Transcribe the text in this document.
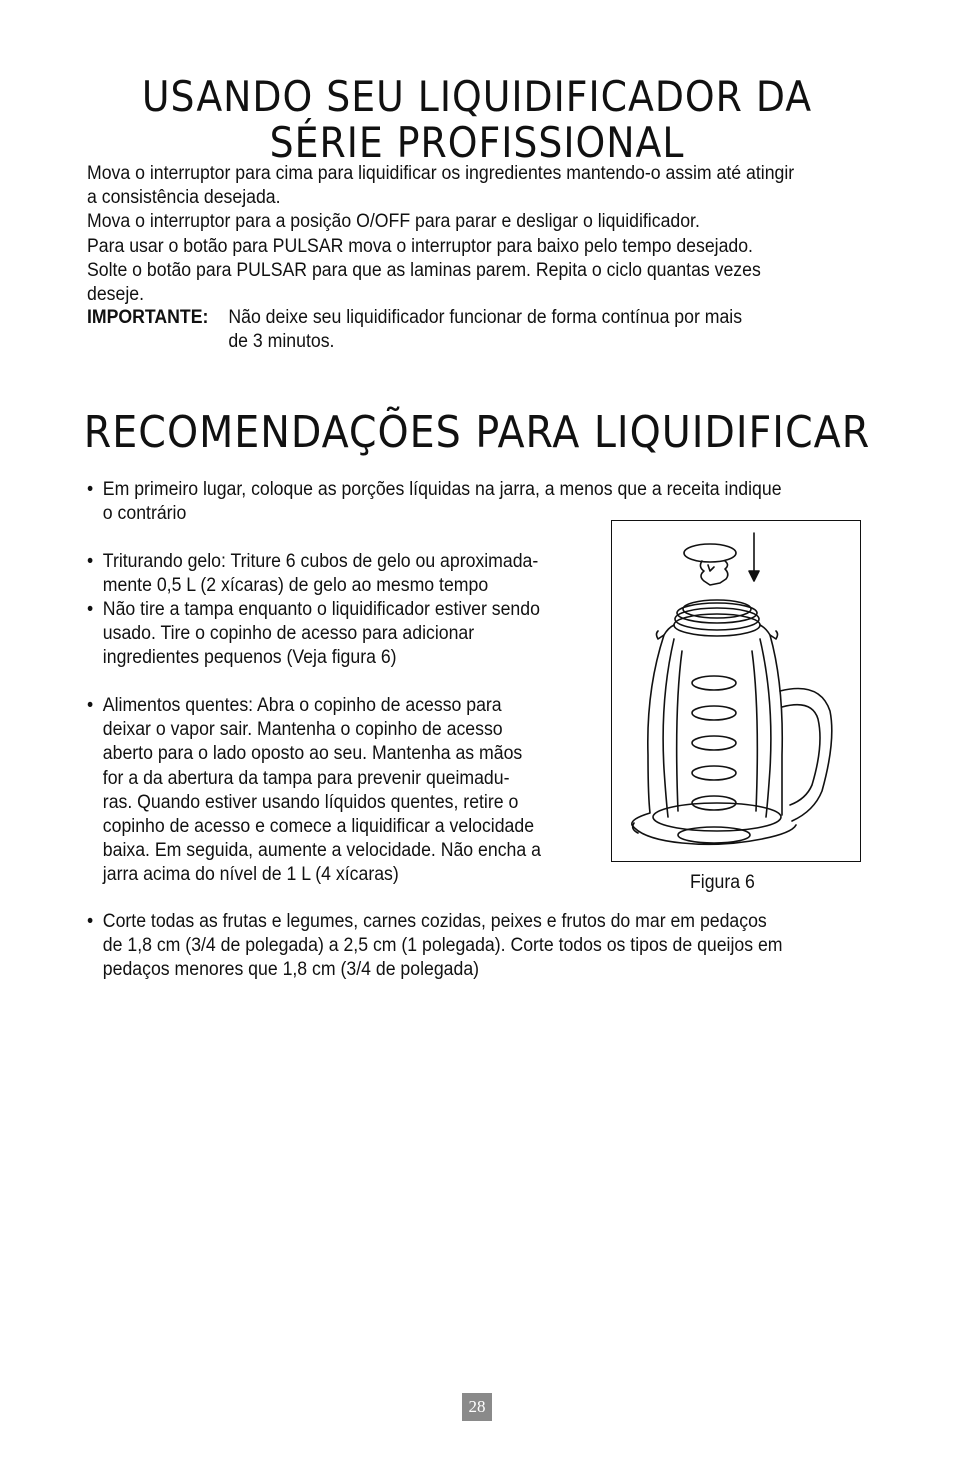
USANDO SEU LIQUIDIFICADOR DA
SÉRIE PROFISSIONAL

Mova o interruptor para cima para liquidificar os ingredientes mantendo-o assim até atingir

a consistência desejada.

Mova o interruptor para a posição O/OFF para parar e desligar o liquidificador.

Para usar o botão para PULSAR mova o interruptor para baixo pelo tempo desejado.

Solte o botão para PULSAR para que as laminas parem. Repita o ciclo quantas vezes

deseje.

IMPORTANTE: Não deixe seu liquidificador funcionar de forma contínua por mais
de 3 minutos.
RECOMENDAÇÕES PARA LIQUIDIFICAR
• Em primeiro lugar, coloque as porções líquidas na jarra, a menos que a receita indique
o contrário
• Triturando gelo: Triture 6 cubos de gelo ou aproximada-
mente 0,5 L (2 xícaras) de gelo ao mesmo tempo
• Não tire a tampa enquanto o liquidificador estiver sendo
usado. Tire o copinho de acesso para adicionar
ingredientes pequenos (Veja figura 6)
• Alimentos quentes: Abra o copinho de acesso para
deixar o vapor sair. Mantenha o copinho de acesso
aberto para o lado oposto ao seu. Mantenha as mãos
for a da abertura da tampa para prevenir queimadu-
ras. Quando estiver usando líquidos quentes, retire o
copinho de acesso e comece a liquidificar a velocidade
baixa. Em seguida, aumente a velocidade. Não encha a
jarra acima do nível de 1 L (4 xícaras)	Figura 6
• Corte todas as frutas e legumes, carnes cozidas, peixes e frutos do mar em pedaços
de 1,8 cm (3/4 de polegada) a 2,5 cm (1 polegada). Corte todos os tipos de queijos em
pedaços menores que 1,8 cm (3/4 de polegada)
28
